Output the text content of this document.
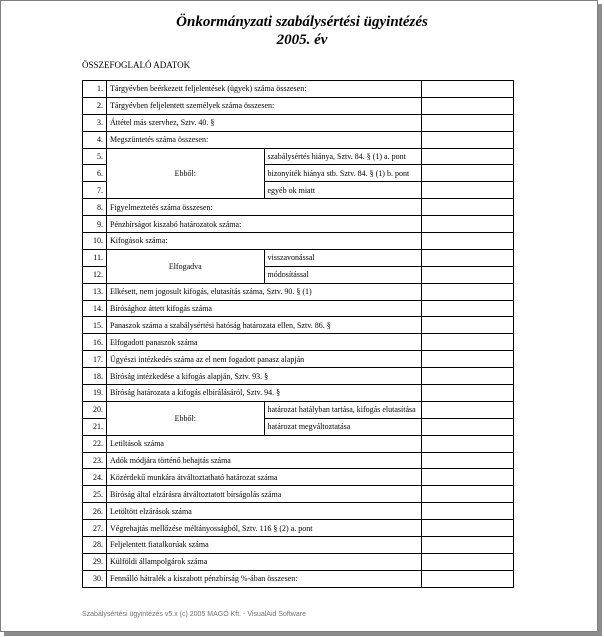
Önkormányzati szabálysértési ügyintézés
2005. év
ÖSSZEFOGLALÓ ADATOK
1.	Tárgyévben beérkezett feljelentések (ügyek) száma összesen:		
2.	Tárgyévben feljelentett személyek száma összesen:		
3.	Áttétel más szervhez, Sztv. 40. §		
4.	Megszüntetés száma összesen:		
5.	Ebből:	szabálysértés hiánya, Sztv. 84. § (1) a. pont	
6.		bizonyíték hiánya stb. Sztv. 84. § (1) b. pont	
7.		egyéb ok miatt	
8.	Figyelmeztetés száma összesen:		
9.	Pénzbírságot kiszabó határozatok száma:		
10.	Kifogások száma:		
11.	Elfogadva	visszavonással	
12.		módosítással	
13.	Elkésett, nem jogosult kifogás, elutasítás száma, Sztv. 90. § (1)		
14.	Bírósághoz áttett kifogás száma		
15.	Panaszok száma a szabálysértési hatóság határozata ellen, Sztv. 86. §		
16.	Elfogadott panaszok száma		
17.	Ügyészi intézkedés száma az el nem fogadott panasz alapján		
18.	Bíróság intézkedése a kifogás alapján, Sztv. 93. §		
19.	Bíróság határozata a kifogás elbírálásáról, Sztv. 94. §		
20.	Ebből:	határozat hatályban tartása, kifogás elutasítása	
21.		határozat megváltoztatása	
22.	Letiltások száma		
23.	Adók módjára történő behajtás száma		
24.	Közérdekű munkára átváltoztatható határozat száma		
25.	Bíróság által elzárásra átváltoztatott bírságolás száma		
26.	Letöltött elzárások száma		
27.	Végrehajtás mellőzése méltányosságból, Sztv. 116 § (2) a. pont		
28.	Feljelentett fiatalkorúak száma		
29.	Külföldi állampolgárok száma		
30.	Fennálló hátralék a kiszabott pénzbírság %-ában összesen:		
Szabálysértési ügyintézés v5.x (c) 2005 MAGÓ Kft. - VisualAid Software
